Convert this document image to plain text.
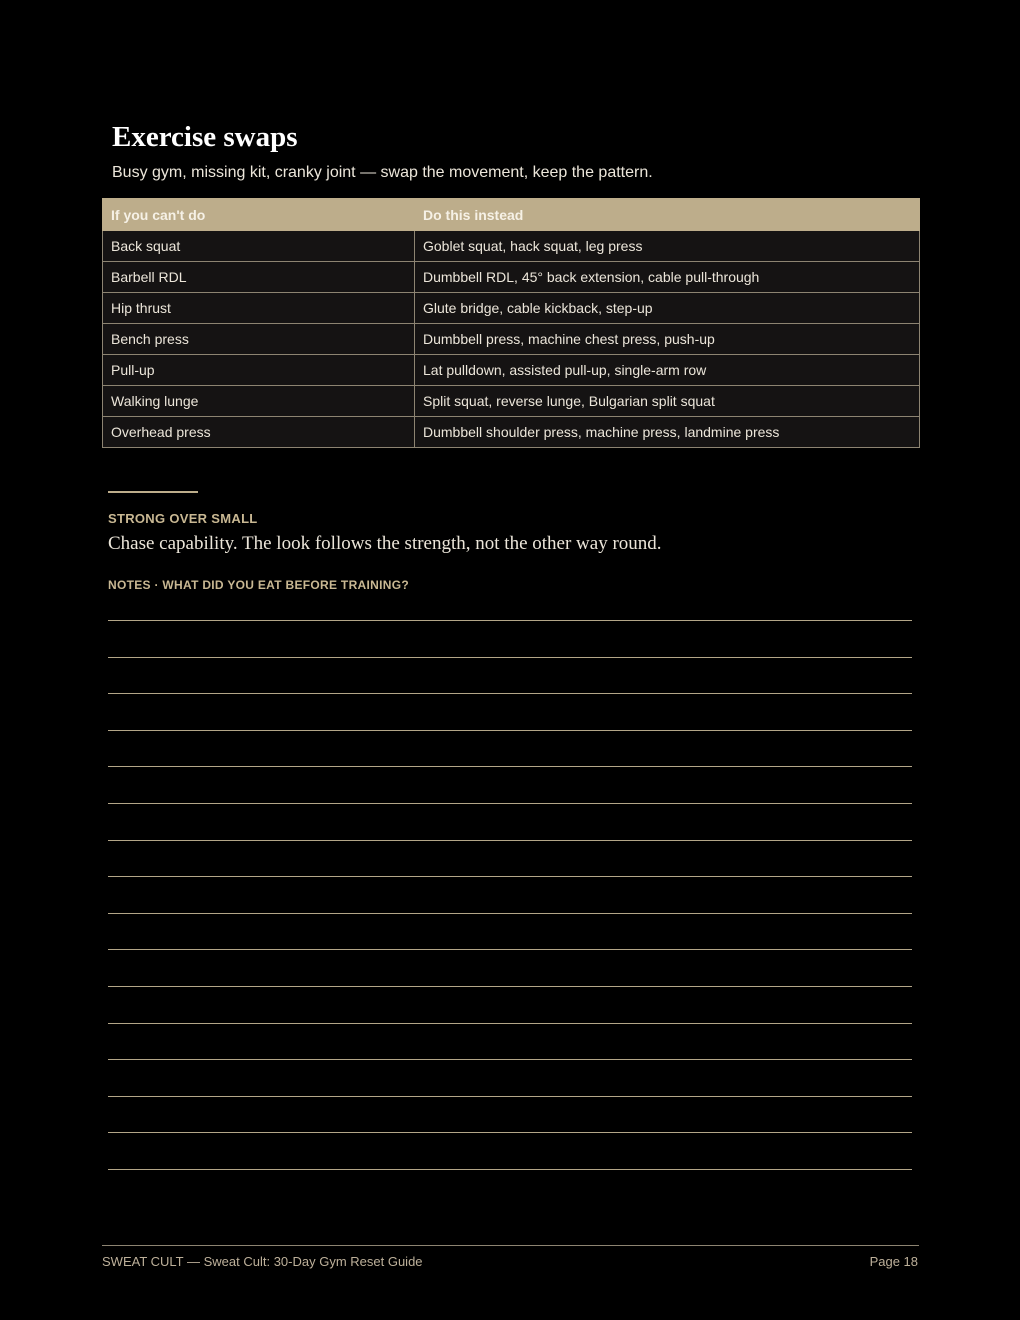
Exercise swaps

Busy gym, missing kit, cranky joint — swap the movement, keep the pattern.

If you can't do	Do this instead
Back squat	Goblet squat, hack squat, leg press
Barbell RDL	Dumbbell RDL, 45° back extension, cable pull-through
Hip thrust	Glute bridge, cable kickback, step-up
Bench press	Dumbbell press, machine chest press, push-up
Pull-up	Lat pulldown, assisted pull-up, single-arm row
Walking lunge	Split squat, reverse lunge, Bulgarian split squat
Overhead press	Dumbbell shoulder press, machine press, landmine press

STRONG OVER SMALL

Chase capability. The look follows the strength, not the other way round.

NOTES · WHAT DID YOU EAT BEFORE TRAINING?

SWEAT CULT — Sweat Cult: 30-Day Gym Reset Guide	Page 18
